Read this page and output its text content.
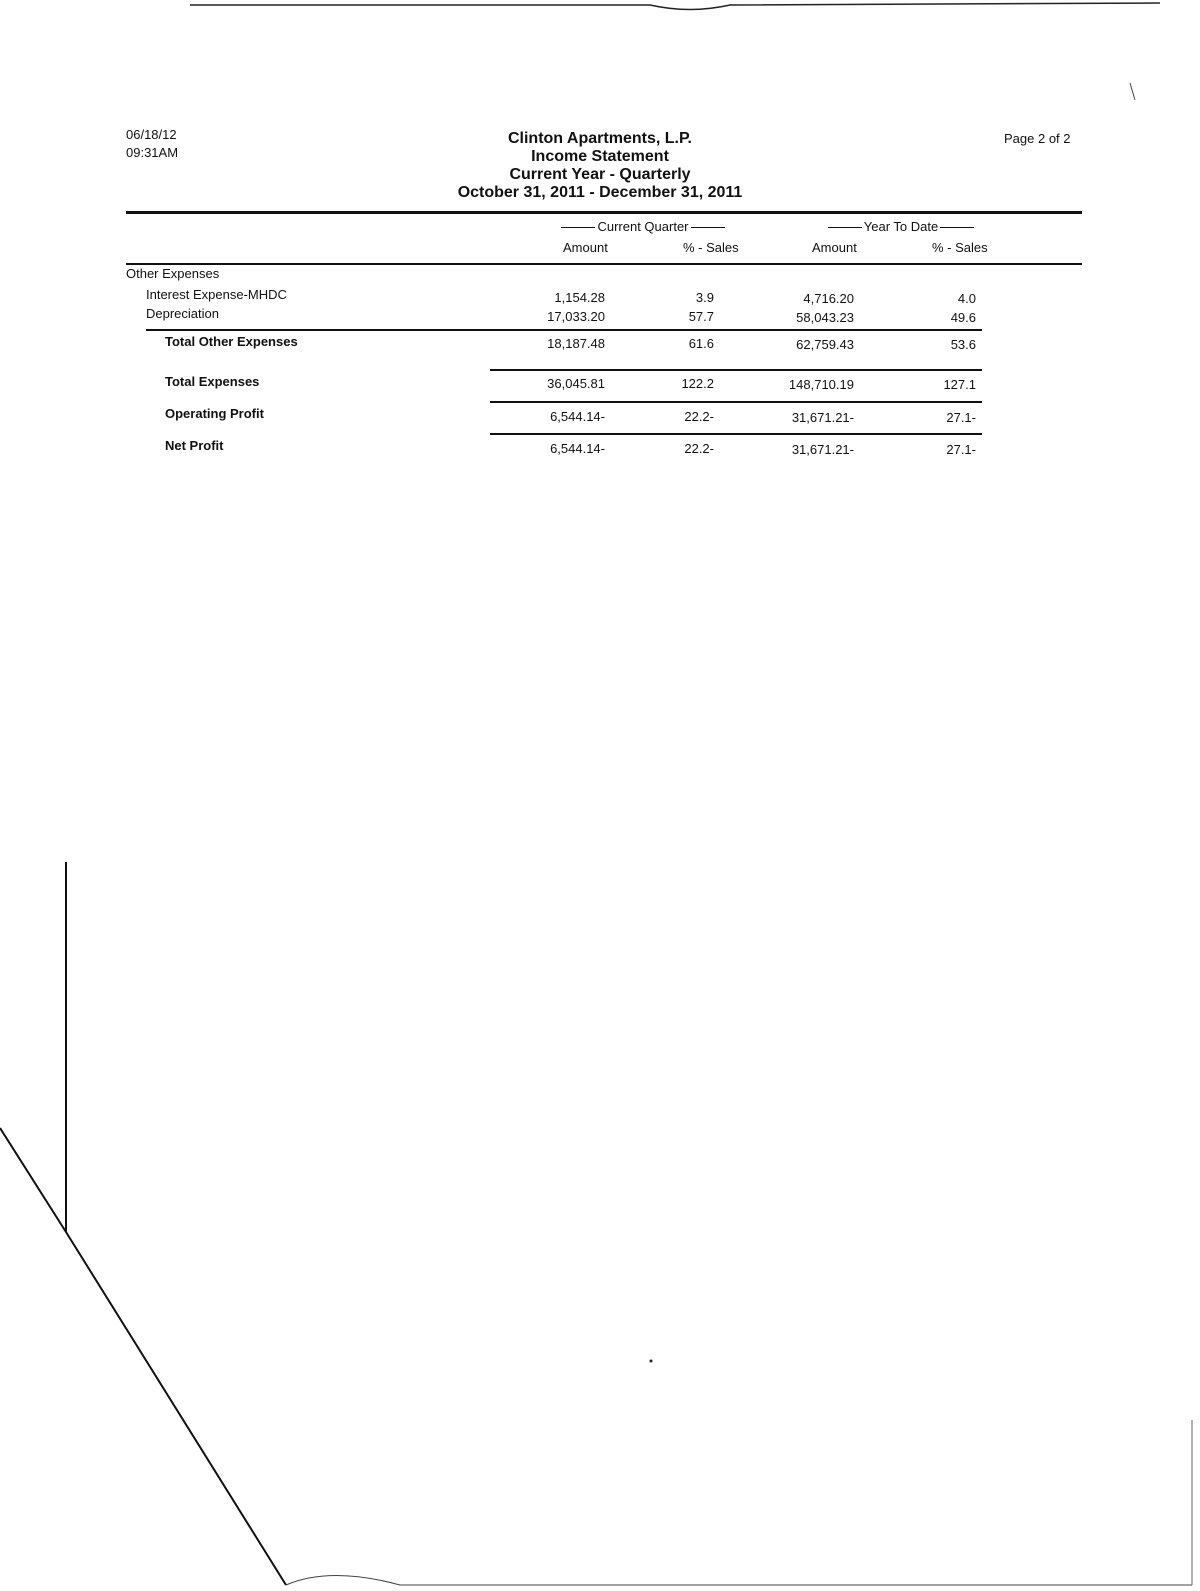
06/18/12
09:31AM
Page 2 of 2
Clinton Apartments, L.P.
Income Statement
Current Year - Quarterly
October 31, 2011 - December 31, 2011
Current Quarter	Year To Date
Amount	% - Sales	Amount	% - Sales
Other Expenses
Interest Expense-MHDC	1,154.28	3.9	4,716.20	4.0
Depreciation	17,033.20	57.7	58,043.23	49.6
Total Other Expenses	18,187.48	61.6	62,759.43	53.6
Total Expenses	36,045.81	122.2	148,710.19	127.1
Operating Profit	6,544.14-	22.2-	31,671.21-	27.1-
Net Profit	6,544.14-	22.2-	31,671.21-	27.1-
